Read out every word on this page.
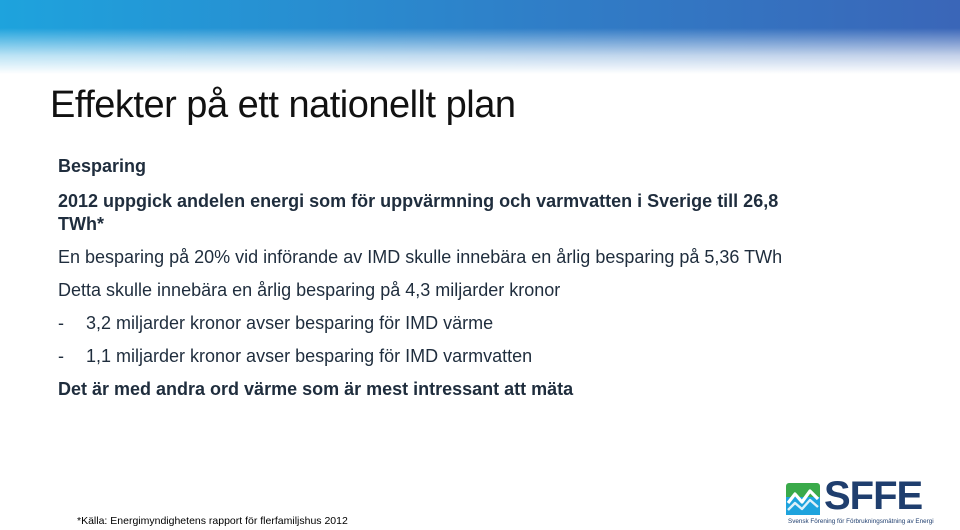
Effekter på ett nationellt plan

Besparing

2012 uppgick andelen energi som för uppvärmning och varmvatten i Sverige till 26,8

TWh*

En besparing på 20% vid införande av IMD skulle innebära en årlig besparing på 5,36 TWh

Detta skulle innebära en årlig besparing på 4,3 miljarder kronor

- 3,2 miljarder kronor avser besparing för IMD värme

- 1,1 miljarder kronor avser besparing för IMD varmvatten

Det är med andra ord värme som är mest intressant att mäta

*Källa: Energimyndighetens rapport för flerfamiljshus 2012
SFFE
Svensk Förening för Förbrukningsmätning av Energi
